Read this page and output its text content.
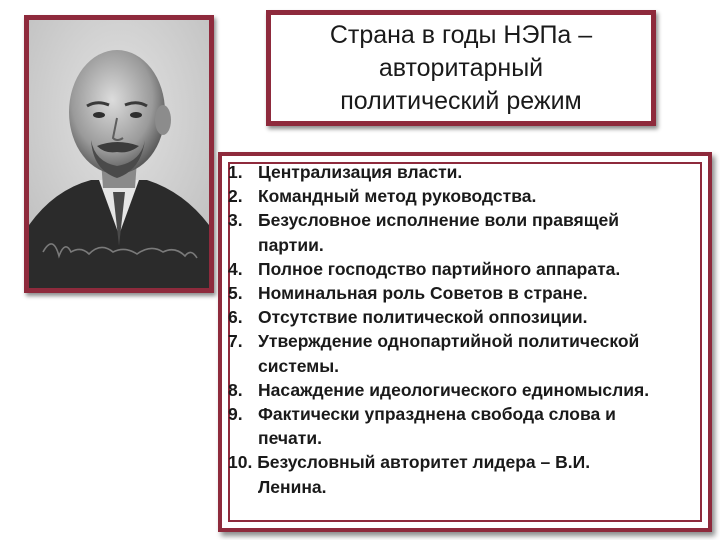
Страна в годы НЭПа –
авторитарный
политический режим
1. Централизация власти.
2. Командный метод руководства.
3. Безусловное исполнение воли правящей
партии.
4. Полное господство партийного аппарата.
5. Номинальная роль Советов в стране.
6. Отсутствие политической оппозиции.
7. Утверждение однопартийной политической
системы.
8. Насаждение идеологического единомыслия.
9. Фактически упразднена свобода слова и
печати.
10. Безусловный авторитет лидера – В.И.
Ленина.
